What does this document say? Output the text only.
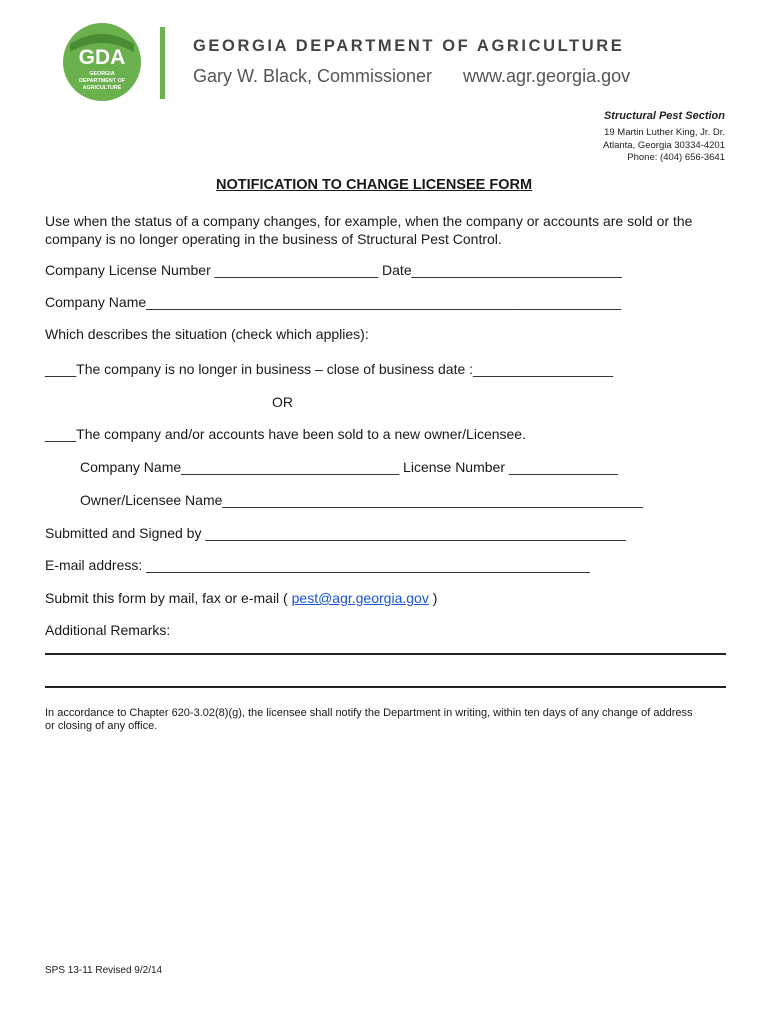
GDA
GEORGIA
DEPARTMENT OF
AGRICULTURE
GEORGIA DEPARTMENT OF AGRICULTURE
Gary W. Black, Commissioner www.agr.georgia.gov
Structural Pest Section
19 Martin Luther King, Jr. Dr.
Atlanta, Georgia 30334-4201
Phone: (404) 656-3641
NOTIFICATION TO CHANGE LICENSEE FORM
Use when the status of a company changes, for example, when the company or accounts are sold or the
company is no longer operating in the business of Structural Pest Control.
Company License Number _____________________ Date___________________________
Company Name_____________________________________________________________
Which describes the situation (check which applies):
____The company is no longer in business – close of business date :__________________
OR
____The company and/or accounts have been sold to a new owner/Licensee.
Company Name____________________________ License Number ______________
Owner/Licensee Name______________________________________________________
Submitted and Signed by ______________________________________________________
E-mail address: _________________________________________________________
Submit this form by mail, fax or e-mail ( pest@agr.georgia.gov )
Additional Remarks:
In accordance to Chapter 620-3.02(8)(g), the licensee shall notify the Department in writing, within ten days of any change of address
or closing of any office.
SPS 13-11 Revised 9/2/14
